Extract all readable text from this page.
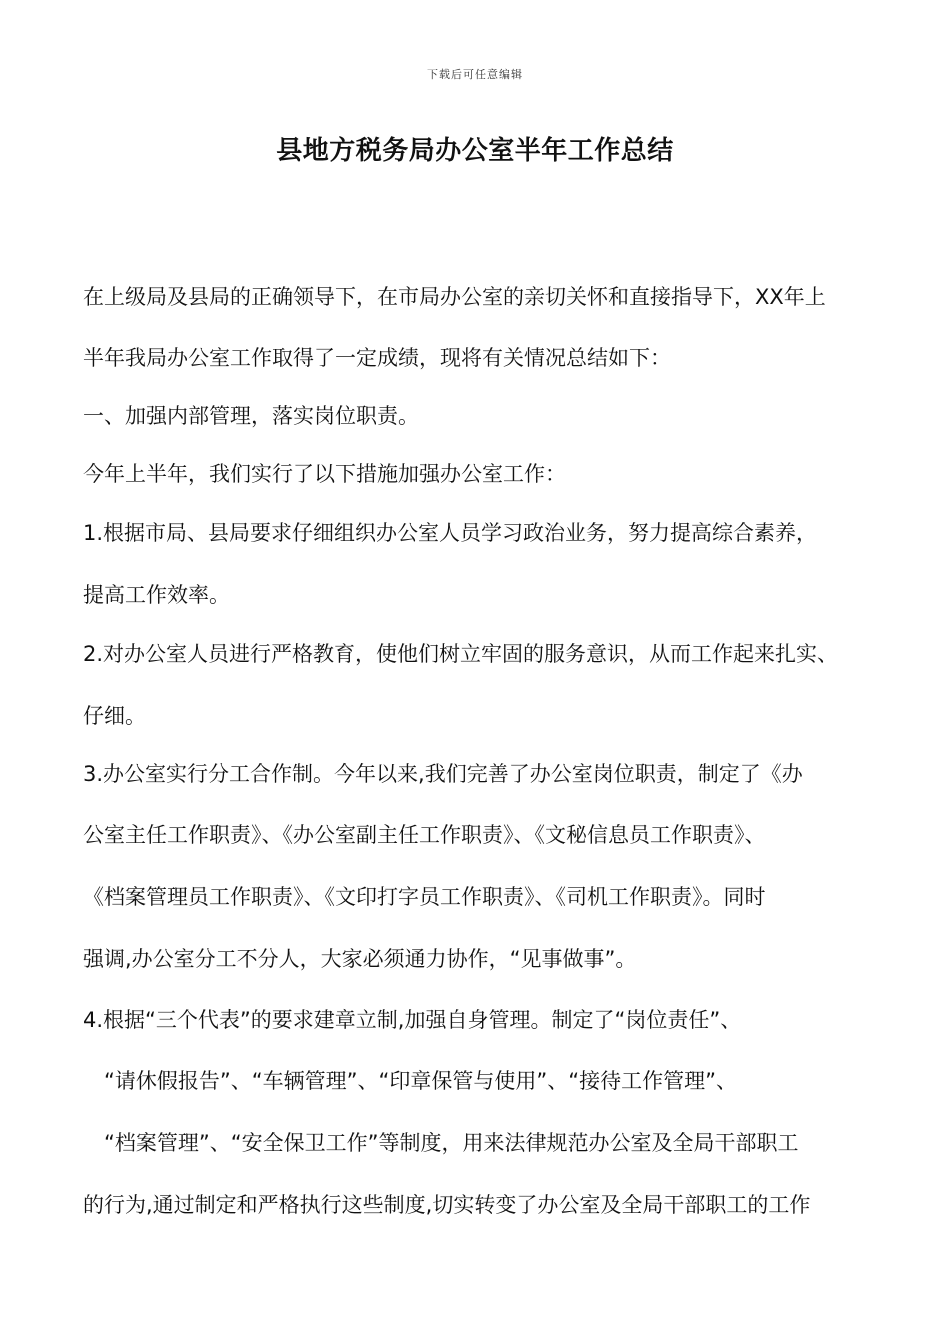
下载后可任意编辑
县地方税务局办公室半年工作总结
在上级局及县局的正确领导下，在市局办公室的亲切关怀和直接指导下，XX年上
半年我局办公室工作取得了一定成绩，现将有关情况总结如下：
一、加强内部管理，落实岗位职责。
今年上半年，我们实行了以下措施加强办公室工作：
1.根据市局、县局要求仔细组织办公室人员学习政治业务，努力提高综合素养，
提高工作效率。
2.对办公室人员进行严格教育，使他们树立牢固的服务意识，从而工作起来扎实、
仔细。
3.办公室实行分工合作制。今年以来,我们完善了办公室岗位职责，制定了《办
公室主任工作职责》、《办公室副主任工作职责》、《文秘信息员工作职责》、
《档案管理员工作职责》、《文印打字员工作职责》、《司机工作职责》。同时
强调,办公室分工不分人，大家必须通力协作，“见事做事”。
4.根据“三个代表”的要求建章立制,加强自身管理。制定了“岗位责任”、
“请休假报告”、“车辆管理”、“印章保管与使用”、“接待工作管理”、
“档案管理”、“安全保卫工作”等制度，用来法律规范办公室及全局干部职工
的行为,通过制定和严格执行这些制度,切实转变了办公室及全局干部职工的工作
